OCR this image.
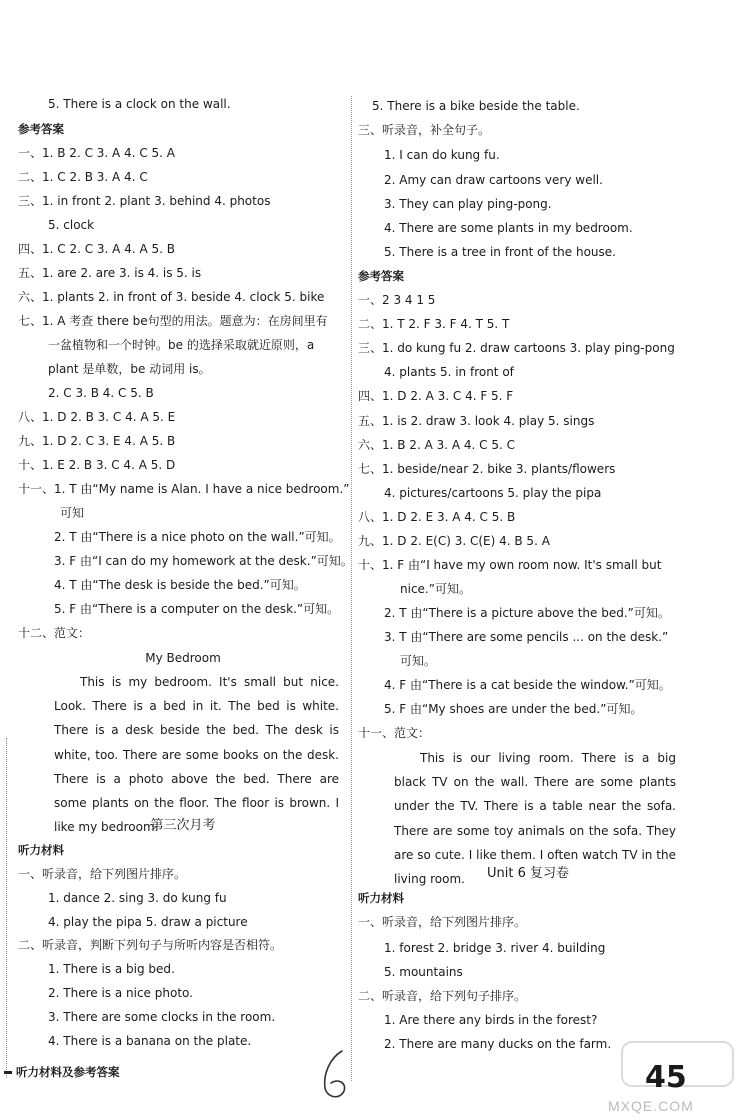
5. There is a clock on the wall.
参考答案
一、1. B 2. C 3. A 4. C 5. A
二、1. C 2. B 3. A 4. C
三、1. in front 2. plant 3. behind 4. photos
5. clock
四、1. C 2. C 3. A 4. A 5. B
五、1. are 2. are 3. is 4. is 5. is
六、1. plants 2. in front of 3. beside 4. clock 5. bike
七、1. A 考查 there be句型的用法。题意为：在房间里有
一盆植物和一个时钟。be 的选择采取就近原则，a
plant 是单数，be 动词用 is。
2. C 3. B 4. C 5. B
八、1. D 2. B 3. C 4. A 5. E
九、1. D 2. C 3. E 4. A 5. B
十、1. E 2. B 3. C 4. A 5. D
十一、1. T 由“My name is Alan. I have a nice bedroom.”
可知
2. T 由“There is a nice photo on the wall.”可知。
3. F 由“I can do my homework at the desk.”可知。
4. T 由“The desk is beside the bed.”可知。
5. F 由“There is a computer on the desk.”可知。
十二、范文：
My Bedroom
This is my bedroom. It's small but nice. Look. There is a bed in it. The bed is white. There is a desk beside the bed. The desk is white, too. There are some books on the desk. There is a photo above the bed. There are some plants on the floor. The floor is brown. I like my bedroom.
第三次月考
听力材料
一、听录音，给下列图片排序。
1. dance 2. sing 3. do kung fu
4. play the pipa 5. draw a picture
二、听录音，判断下列句子与所听内容是否相符。
1. There is a big bed.
2. There is a nice photo.
3. There are some clocks in the room.
4. There is a banana on the plate.
5. There is a bike beside the table.
三、听录音，补全句子。
1. I can do kung fu.
2. Amy can draw cartoons very well.
3. They can play ping-pong.
4. There are some plants in my bedroom.
5. There is a tree in front of the house.
参考答案
一、2 3 4 1 5
二、1. T 2. F 3. F 4. T 5. T
三、1. do kung fu 2. draw cartoons 3. play ping-pong
4. plants 5. in front of
四、1. D 2. A 3. C 4. F 5. F
五、1. is 2. draw 3. look 4. play 5. sings
六、1. B 2. A 3. A 4. C 5. C
七、1. beside/near 2. bike 3. plants/flowers
4. pictures/cartoons 5. play the pipa
八、1. D 2. E 3. A 4. C 5. B
九、1. D 2. E(C) 3. C(E) 4. B 5. A
十、1. F 由“I have my own room now. It's small but
nice.”可知。
2. T 由“There is a picture above the bed.”可知。
3. T 由“There are some pencils ... on the desk.”
可知。
4. F 由“There is a cat beside the window.”可知。
5. F 由“My shoes are under the bed.”可知。
十一、范文：
This is our living room. There is a big black TV on the wall. There are some plants under the TV. There is a table near the sofa. There are some toy animals on the sofa. They are so cute. I like them. I often watch TV in the living room.	Unit 6 复习卷
听力材料
一、听录音，给下列图片排序。
1. forest 2. bridge 3. river 4. building
5. mountains
二、听录音，给下列句子排序。
1. Are there any birds in the forest?
2. There are many ducks on the farm.
听力材料及参考答案	45
MXQE.COM
